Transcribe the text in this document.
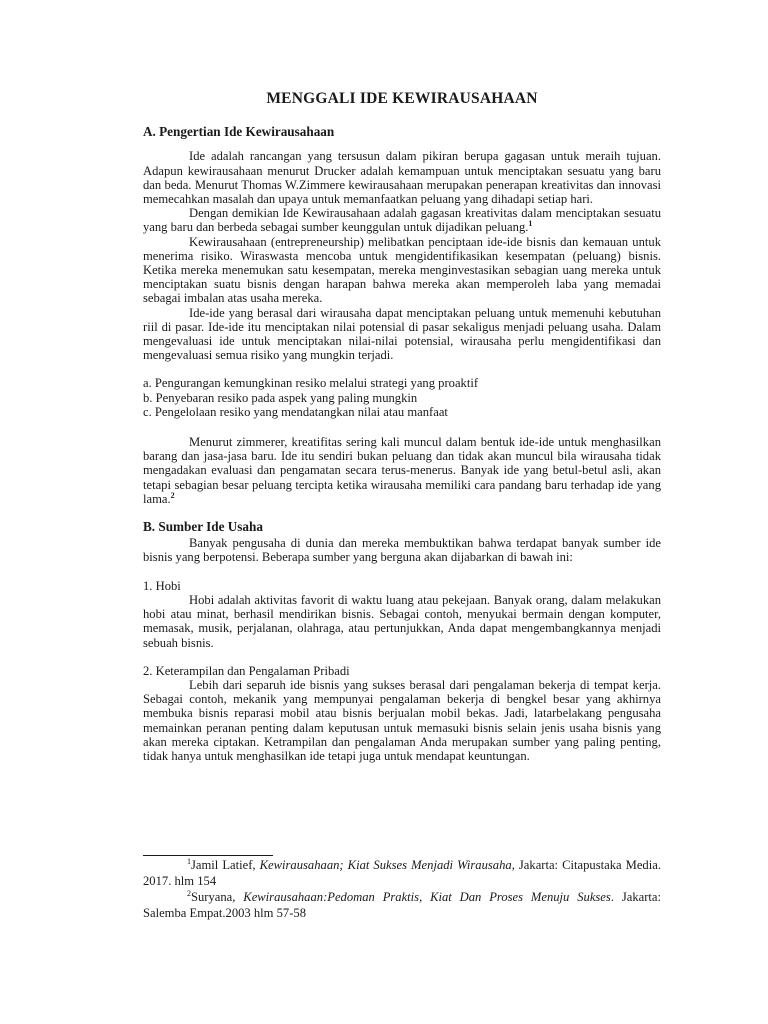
MENGGALI IDE KEWIRAUSAHAAN
A. Pengertian Ide Kewirausahaan

Ide adalah rancangan yang tersusun dalam pikiran berupa gagasan untuk meraih tujuan. Adapun kewirausahaan menurut Drucker adalah kemampuan untuk menciptakan sesuatu yang baru dan beda. Menurut Thomas W.Zimmere kewirausahaan merupakan penerapan kreativitas dan innovasi memecahkan masalah dan upaya untuk memanfaatkan peluang yang dihadapi setiap hari.

Dengan demikian Ide Kewirausahaan adalah gagasan kreativitas dalam menciptakan sesuatu yang baru dan berbeda sebagai sumber keunggulan untuk dijadikan peluang.$^1$

Kewirausahaan (entrepreneurship) melibatkan penciptaan ide-ide bisnis dan kemauan untuk menerima risiko. Wiraswasta mencoba untuk mengidentifikasikan kesempatan (peluang) bisnis. Ketika mereka menemukan satu kesempatan, mereka menginvestasikan sebagian uang mereka untuk menciptakan suatu bisnis dengan harapan bahwa mereka akan memperoleh laba yang memadai sebagai imbalan atas usaha mereka.

Ide-ide yang berasal dari wirausaha dapat menciptakan peluang untuk memenuhi kebutuhan riil di pasar. Ide-ide itu menciptakan nilai potensial di pasar sekaligus menjadi peluang usaha. Dalam mengevaluasi ide untuk menciptakan nilai-nilai potensial, wirausaha perlu mengidentifikasi dan mengevaluasi semua risiko yang mungkin terjadi.

a. Pengurangan kemungkinan resiko melalui strategi yang proaktif
b. Penyebaran resiko pada aspek yang paling mungkin
c. Pengelolaan resiko yang mendatangkan nilai atau manfaat

Menurut zimmerer, kreatifitas sering kali muncul dalam bentuk ide-ide untuk menghasilkan barang dan jasa-jasa baru. Ide itu sendiri bukan peluang dan tidak akan muncul bila wirausaha tidak mengadakan evaluasi dan pengamatan secara terus-menerus. Banyak ide yang betul-betul asli, akan tetapi sebagian besar peluang tercipta ketika wirausaha memiliki cara pandang baru terhadap ide yang lama.$^2$

B. Sumber Ide Usaha

Banyak pengusaha di dunia dan mereka membuktikan bahwa terdapat banyak sumber ide bisnis yang berpotensi. Beberapa sumber yang berguna akan dijabarkan di bawah ini:

1. Hobi

Hobi adalah aktivitas favorit di waktu luang atau pekejaan. Banyak orang, dalam melakukan hobi atau minat, berhasil mendirikan bisnis. Sebagai contoh, menyukai bermain dengan komputer, memasak, musik, perjalanan, olahraga, atau pertunjukkan, Anda dapat mengembangkannya menjadi sebuah bisnis.

2. Keterampilan dan Pengalaman Pribadi

Lebih dari separuh ide bisnis yang sukses berasal dari pengalaman bekerja di tempat kerja. Sebagai contoh, mekanik yang mempunyai pengalaman bekerja di bengkel besar yang akhirnya membuka bisnis reparasi mobil atau bisnis berjualan mobil bekas. Jadi, latarbelakang pengusaha memainkan peranan penting dalam keputusan untuk memasuki bisnis selain jenis usaha bisnis yang akan mereka ciptakan. Ketrampilan dan pengalaman Anda merupakan sumber yang paling penting, tidak hanya untuk menghasilkan ide tetapi juga untuk mendapat keuntungan.

$^1$Jamil Latief, Kewirausahaan; Kiat Sukses Menjadi Wirausaha, Jakarta: Citapustaka Media. 2017. hlm 154

$^2$Suryana, Kewirausahaan:Pedoman Praktis, Kiat Dan Proses Menuju Sukses. Jakarta: Salemba Empat.2003 hlm 57-58
